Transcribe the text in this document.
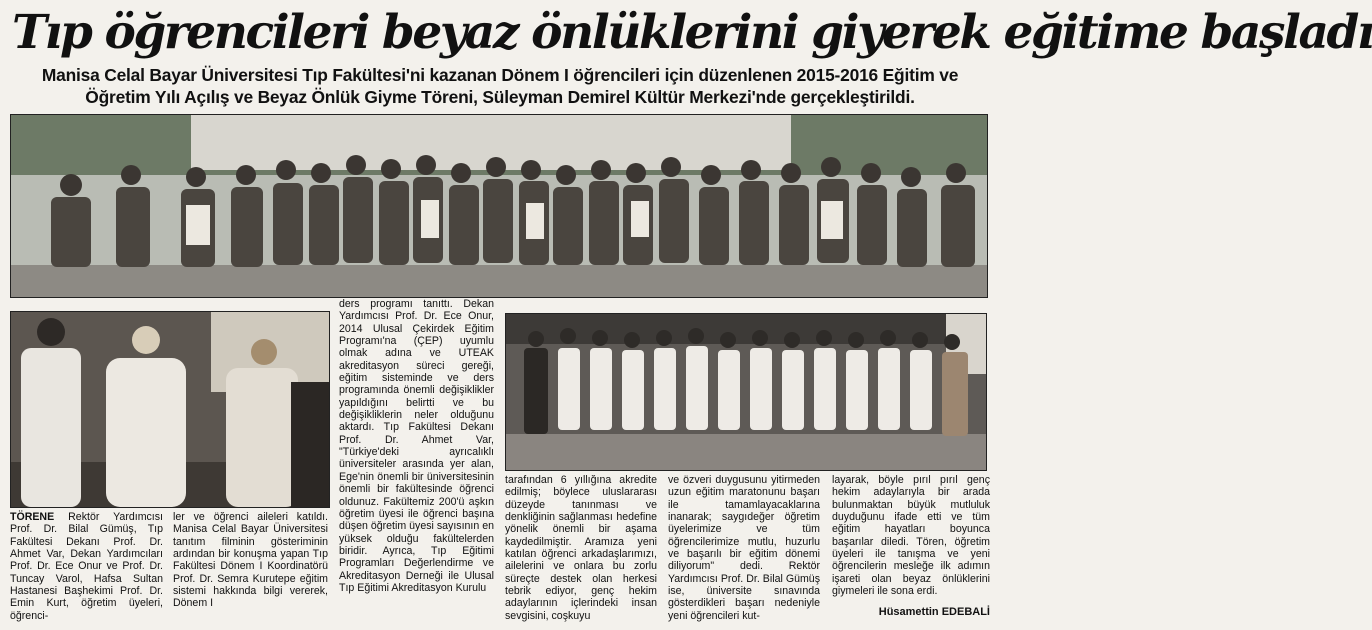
Tıp öğrencileri beyaz önlüklerini giyerek eğitime başladı
Manisa Celal Bayar Üniversitesi Tıp Fakültesi'ni kazanan Dönem I öğrencileri için düzenlenen 2015-2016 Eğitim ve
Öğretim Yılı Açılış ve Beyaz Önlük Giyme Töreni, Süleyman Demirel Kültür Merkezi'nde gerçekleştirildi.
TÖRENE Rektör Yardımcısı Prof. Dr. Bilal Gümüş, Tıp Fakültesi Dekanı Prof. Dr. Ahmet Var, Dekan Yardımcıları Prof. Dr. Ece Onur ve Prof. Dr. Tuncay Varol, Hafsa Sultan Hastanesi Başhekimi Prof. Dr. Emin Kurt, öğretim üyeleri, öğrenci-
ler ve öğrenci aileleri katıldı. Manisa Celal Bayar Üniversitesi tanıtım filminin gösteriminin ardından bir konuşma yapan Tıp Fakültesi Dönem I Koordinatörü Prof. Dr. Semra Kurutepe eğitim sistemi hakkında bilgi vererek, Dönem I
ders programı tanıttı. Dekan Yardımcısı Prof. Dr. Ece Onur, 2014 Ulusal Çekirdek Eğitim Programı'na (ÇEP) uyumlu olmak adına ve UTEAK akreditasyon süreci gereği, eğitim sisteminde ve ders programında önemli değişiklikler yapıldığını belirtti ve bu değişikliklerin neler olduğunu aktardı. Tıp Fakültesi Dekanı Prof. Dr. Ahmet Var, "Türkiye'deki ayrıcalıklı üniversiteler arasında yer alan, Ege'nin önemli bir üniversitesinin önemli bir fakültesinde öğrenci oldunuz. Fakültemiz 200'ü aşkın öğretim üyesi ile öğrenci başına düşen öğretim üyesi sayısının en yüksek olduğu fakültelerden biridir. Ayrıca, Tıp Eğitimi Programları Değerlendirme ve Akreditasyon Derneği ile Ulusal Tıp Eğitimi Akreditasyon Kurulu
tarafından 6 yıllığına akredite edilmiş; böylece uluslararası düzeyde tanınması ve denkliğinin sağlanması hedefine yönelik önemli bir aşama kaydedilmiştir. Aramıza yeni katılan öğrenci arkadaşlarımızı, ailelerini ve onlara bu zorlu süreçte destek olan herkesi tebrik ediyor, genç hekim adaylarının içlerindeki insan sevgisini, coşkuyu
ve özveri duygusunu yitirmeden uzun eğitim maratonunu başarı ile tamamlayacaklarına inanarak; saygıdeğer öğretim üyelerimize ve tüm öğrencilerimize mutlu, huzurlu ve başarılı bir eğitim dönemi diliyorum" dedi. Rektör Yardımcısı Prof. Dr. Bilal Gümüş ise, üniversite sınavında gösterdikleri başarı nedeniyle yeni öğrencileri kut-
layarak, böyle pırıl pırıl genç hekim adaylarıyla bir arada bulunmaktan büyük mutluluk duyduğunu ifade etti ve tüm eğitim hayatları boyunca başarılar diledi. Tören, öğretim üyeleri ile tanışma ve yeni öğrencilerin mesleğe ilk adımın işareti olan beyaz önlüklerini giymeleri ile sona erdi.
Hüsamettin EDEBALİ
